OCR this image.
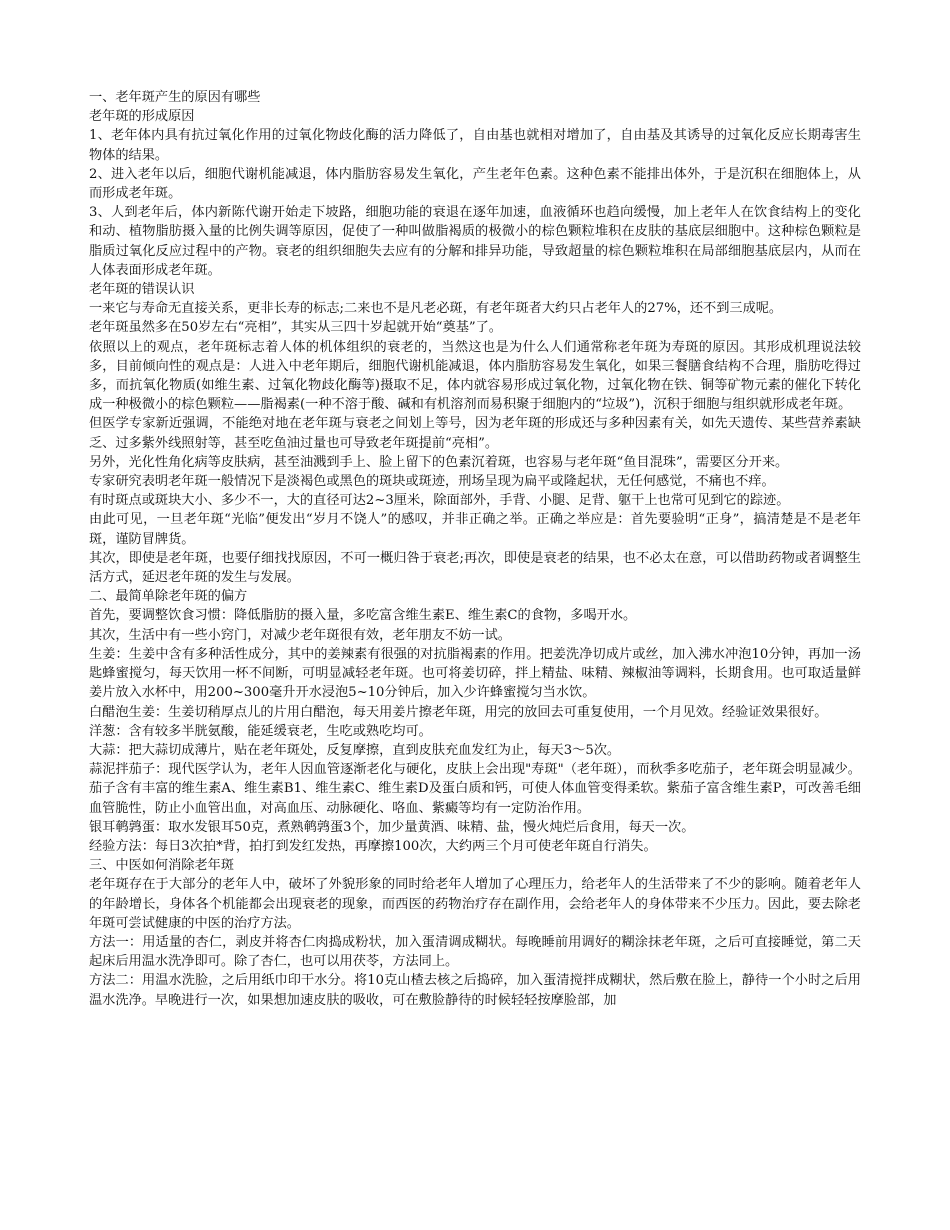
一、老年斑产生的原因有哪些

老年斑的形成原因

1、老年体内具有抗过氧化作用的过氧化物歧化酶的活力降低了，自由基也就相对增加了，自由基及其诱导的过氧化反应长期毒害生物体的结果。

2、进入老年以后，细胞代谢机能减退，体内脂肪容易发生氧化，产生老年色素。这种色素不能排出体外，于是沉积在细胞体上，从而形成老年斑。

3、人到老年后，体内新陈代谢开始走下坡路，细胞功能的衰退在逐年加速，血液循环也趋向缓慢，加上老年人在饮食结构上的变化和动、植物脂肪摄入量的比例失调等原因，促使了一种叫做脂褐质的极微小的棕色颗粒堆积在皮肤的基底层细胞中。这种棕色颗粒是脂质过氧化反应过程中的产物。衰老的组织细胞失去应有的分解和排异功能，导致超量的棕色颗粒堆积在局部细胞基底层内，从而在人体表面形成老年斑。

老年斑的错误认识

一来它与寿命无直接关系，更非长寿的标志;二来也不是凡老必斑，有老年斑者大约只占老年人的27%，还不到三成呢。

老年斑虽然多在50岁左右“亮相”，其实从三四十岁起就开始“奠基”了。

依照以上的观点，老年斑标志着人体的机体组织的衰老的，当然这也是为什么人们通常称老年斑为寿斑的原因。其形成机理说法较多，目前倾向性的观点是：人进入中老年期后，细胞代谢机能减退，体内脂肪容易发生氧化，如果三餐膳食结构不合理，脂肪吃得过多，而抗氧化物质(如维生素、过氧化物歧化酶等)摄取不足，体内就容易形成过氧化物，过氧化物在铁、铜等矿物元素的催化下转化成一种极微小的棕色颗粒——脂褐素(一种不溶于酸、碱和有机溶剂而易积聚于细胞内的“垃圾”)，沉积于细胞与组织就形成老年斑。

但医学专家新近强调，不能绝对地在老年斑与衰老之间划上等号，因为老年斑的形成还与多种因素有关，如先天遗传、某些营养素缺乏、过多紫外线照射等，甚至吃鱼油过量也可导致老年斑提前“亮相”。

另外，光化性角化病等皮肤病，甚至油溅到手上、脸上留下的色素沉着斑，也容易与老年斑“鱼目混珠”，需要区分开来。

专家研究表明老年斑一般情况下是淡褐色或黑色的斑块或斑迹，刑场呈现为扁平或隆起状，无任何感觉，不痛也不痒。

有时斑点或斑块大小、多少不一，大的直径可达2~3厘米，除面部外，手背、小腿、足背、躯干上也常可见到它的踪迹。

由此可见，一旦老年斑“光临”便发出“岁月不饶人”的感叹，并非正确之举。正确之举应是：首先要验明“正身”，搞清楚是不是老年斑，谨防冒牌货。

其次，即使是老年斑，也要仔细找找原因，不可一概归咎于衰老;再次，即使是衰老的结果，也不必太在意，可以借助药物或者调整生活方式，延迟老年斑的发生与发展。

二、最简单除老年斑的偏方

首先，要调整饮食习惯：降低脂肪的摄入量，多吃富含维生素E、维生素C的食物，多喝开水。

其次，生活中有一些小窍门，对减少老年斑很有效，老年朋友不妨一试。

生姜：生姜中含有多种活性成分，其中的姜辣素有很强的对抗脂褐素的作用。把姜洗净切成片或丝，加入沸水冲泡10分钟，再加一汤匙蜂蜜搅匀，每天饮用一杯不间断，可明显减轻老年斑。也可将姜切碎，拌上精盐、味精、辣椒油等调料，长期食用。也可取适量鲜姜片放入水杯中，用200~300毫升开水浸泡5~10分钟后，加入少许蜂蜜搅匀当水饮。

白醋泡生姜：生姜切稍厚点儿的片用白醋泡，每天用姜片擦老年斑，用完的放回去可重复使用，一个月见效。经验证效果很好。

洋葱：含有较多半胱氨酸，能延缓衰老，生吃或熟吃均可。

大蒜：把大蒜切成薄片，贴在老年斑处，反复摩擦，直到皮肤充血发红为止，每天3～5次。

蒜泥拌茄子：现代医学认为，老年人因血管逐渐老化与硬化，皮肤上会出现"寿斑"（老年斑），而秋季多吃茄子，老年斑会明显减少。茄子含有丰富的维生素A、维生素B1、维生素C、维生素D及蛋白质和钙，可使人体血管变得柔软。紫茄子富含维生素P，可改善毛细血管脆性，防止小血管出血，对高血压、动脉硬化、咯血、紫癜等均有一定防治作用。

银耳鹌鹑蛋：取水发银耳50克，煮熟鹌鹑蛋3个，加少量黄酒、味精、盐，慢火炖烂后食用，每天一次。

经验方法：每日3次拍*背，拍打到发红发热，再摩擦100次，大约两三个月可使老年斑自行消失。

三、中医如何消除老年斑

老年斑存在于大部分的老年人中，破坏了外貌形象的同时给老年人增加了心理压力，给老年人的生活带来了不少的影响。随着老年人的年龄增长，身体各个机能都会出现衰老的现象，而西医的药物治疗存在副作用，会给老年人的身体带来不少压力。因此，要去除老年斑可尝试健康的中医的治疗方法。

方法一：用适量的杏仁，剥皮并将杏仁肉捣成粉状，加入蛋清调成糊状。每晚睡前用调好的糊涂抹老年斑，之后可直接睡觉，第二天起床后用温水洗净即可。除了杏仁，也可以用茯苓，方法同上。

方法二：用温水洗脸，之后用纸巾印干水分。将10克山楂去核之后捣碎，加入蛋清搅拌成糊状，然后敷在脸上，静待一个小时之后用温水洗净。早晚进行一次，如果想加速皮肤的吸收，可在敷脸静待的时候轻轻按摩脸部，加
